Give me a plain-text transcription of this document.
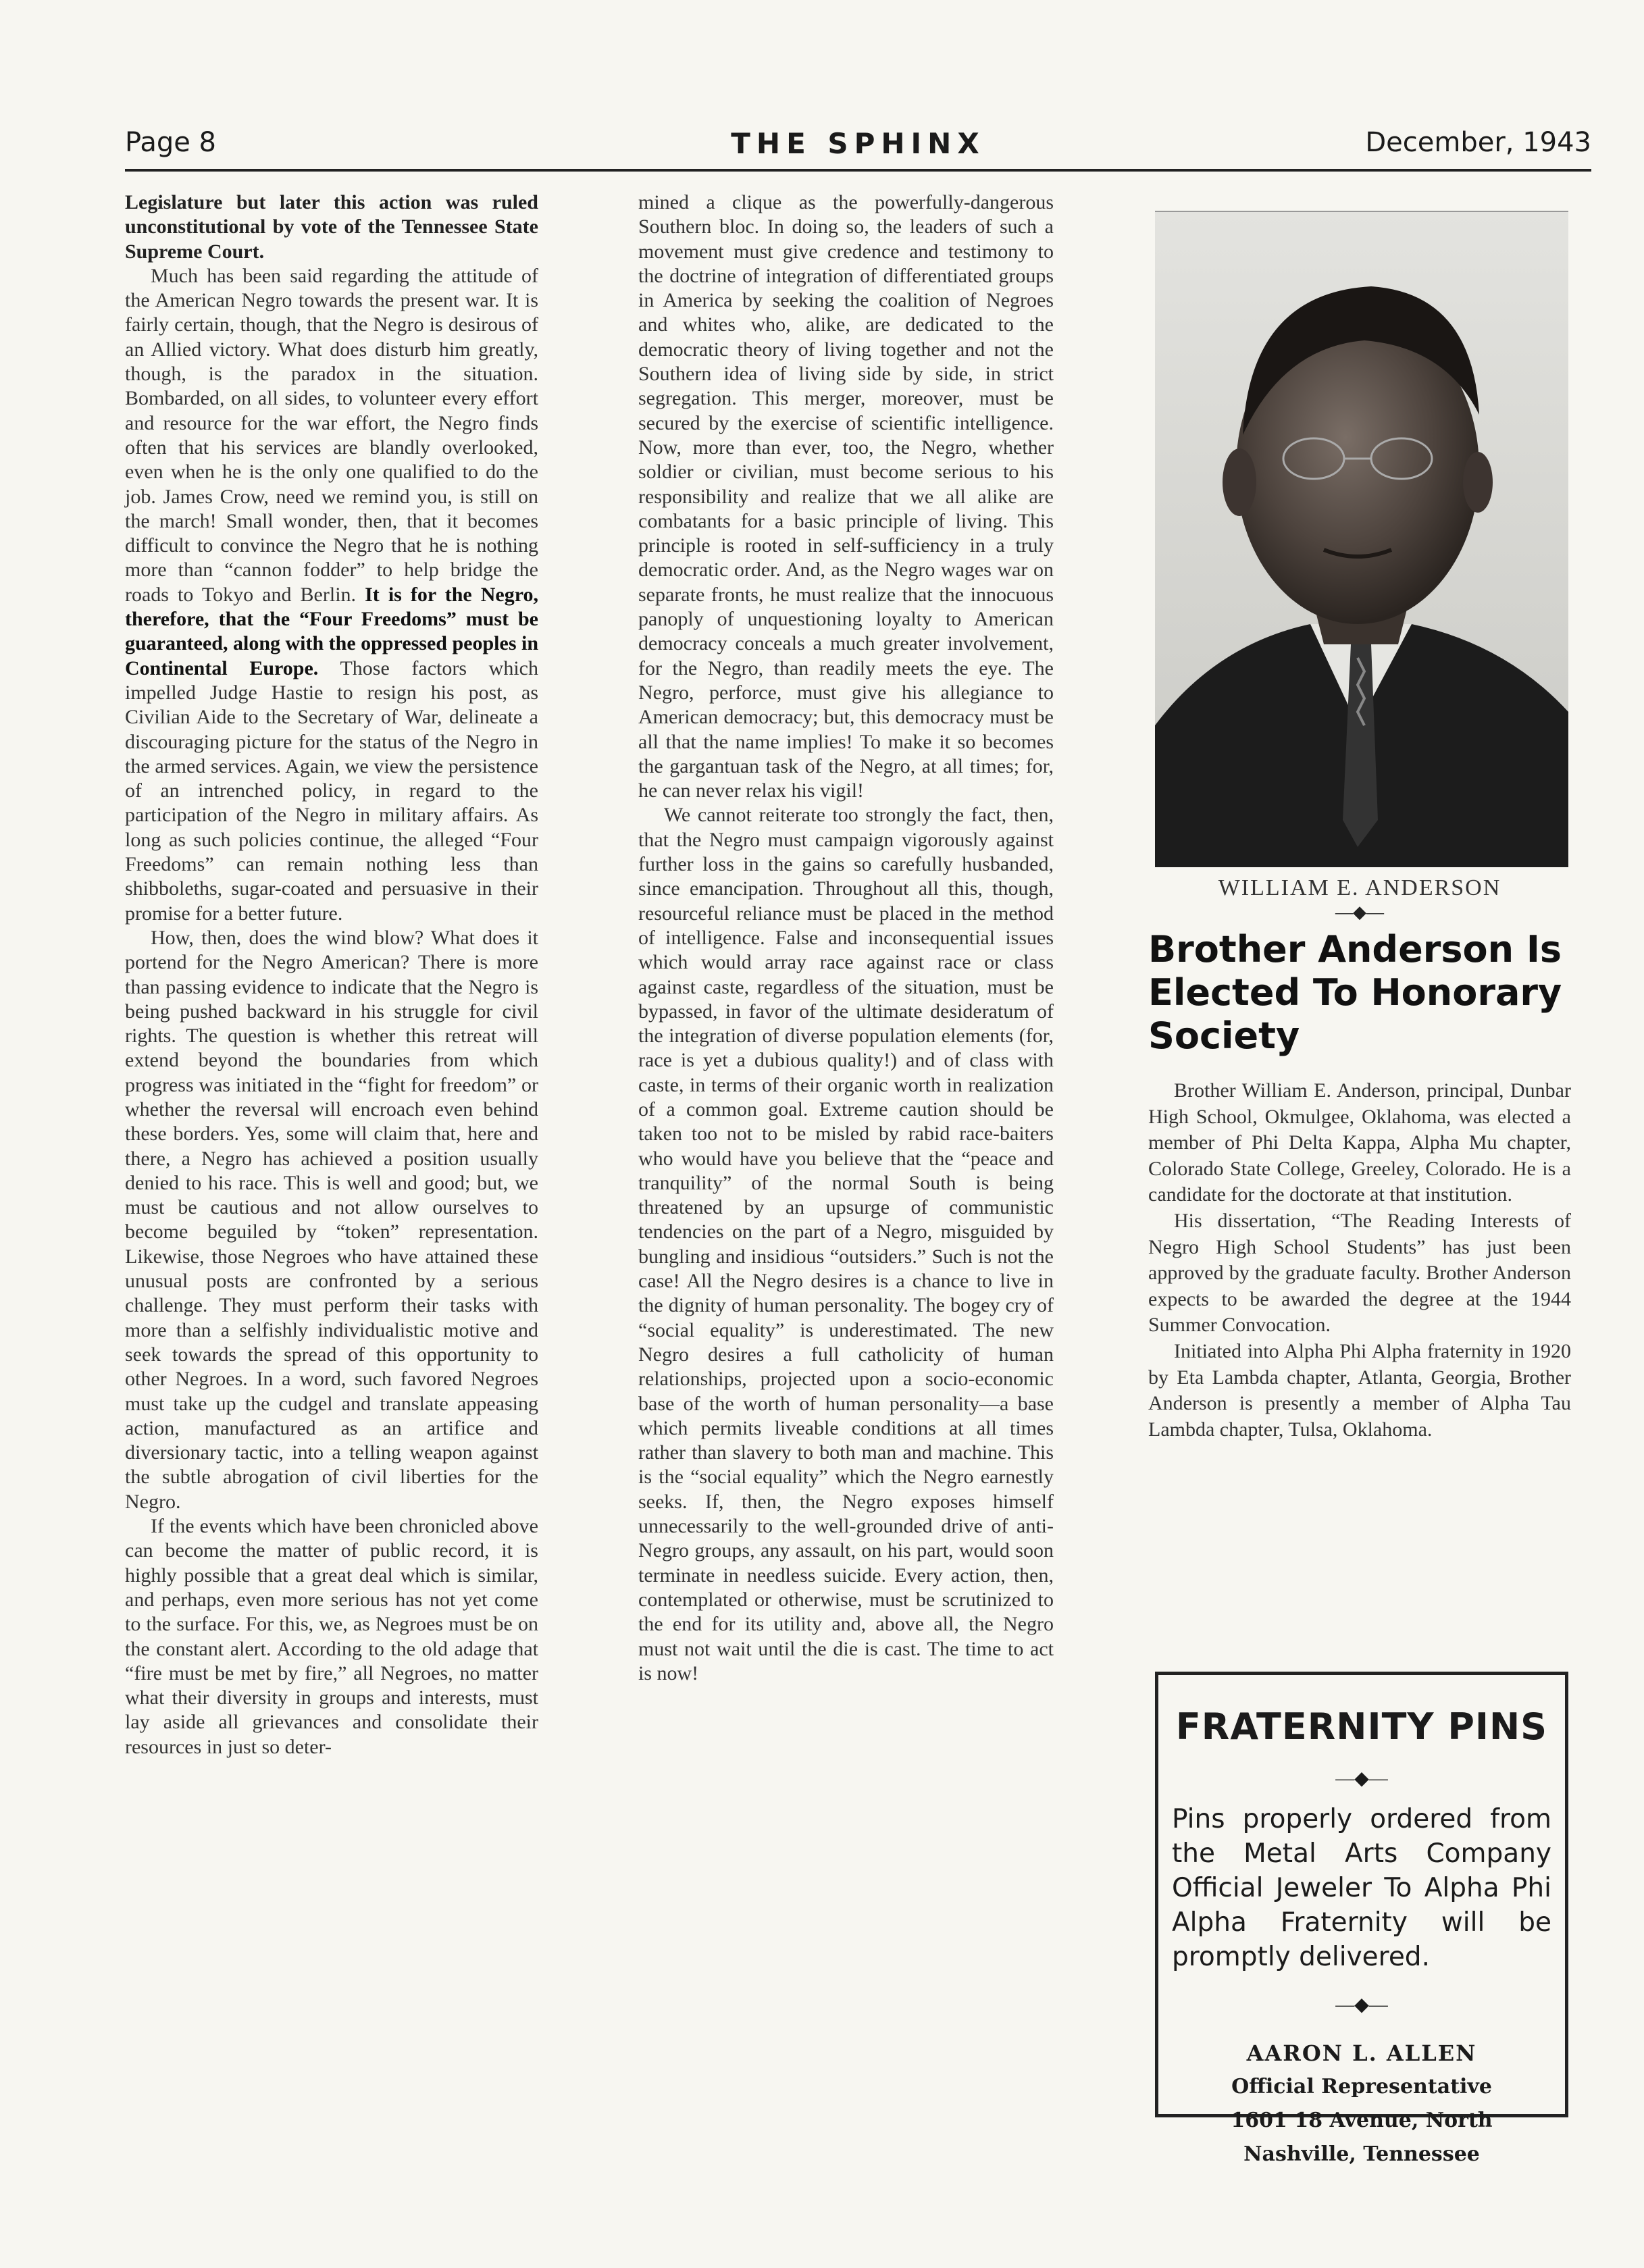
Page 8	THE SPHINX	December, 1943

Legislature but later this action was ruled unconstitutional by vote of the Tennessee State Supreme Court.

Much has been said regarding the attitude of the American Negro towards the present war. It is fairly certain, though, that the Negro is desirous of an Allied victory. What does disturb him greatly, though, is the paradox in the situation. Bombarded, on all sides, to volunteer every effort and resource for the war effort, the Negro finds often that his services are blandly overlooked, even when he is the only one qualified to do the job. James Crow, need we remind you, is still on the march! Small wonder, then, that it becomes difficult to convince the Negro that he is nothing more than “cannon fodder” to help bridge the roads to Tokyo and Berlin. It is for the Negro, therefore, that the “Four Freedoms” must be guaranteed, along with the oppressed peoples in Continental Europe. Those factors which impelled Judge Hastie to resign his post, as Civilian Aide to the Secretary of War, delineate a discouraging picture for the status of the Negro in the armed services. Again, we view the persistence of an intrenched policy, in regard to the participation of the Negro in military affairs. As long as such policies continue, the alleged “Four Freedoms” can remain nothing less than shibboleths, sugar-coated and persuasive in their promise for a better future.

How, then, does the wind blow? What does it portend for the Negro American? There is more than passing evidence to indicate that the Negro is being pushed backward in his struggle for civil rights. The question is whether this retreat will extend beyond the boundaries from which progress was initiated in the “fight for freedom” or whether the reversal will encroach even behind these borders. Yes, some will claim that, here and there, a Negro has achieved a position usually denied to his race. This is well and good; but, we must be cautious and not allow ourselves to become beguiled by “token” representation. Likewise, those Negroes who have attained these unusual posts are confronted by a serious challenge. They must perform their tasks with more than a selfishly individualistic motive and seek towards the spread of this opportunity to other Negroes. In a word, such favored Negroes must take up the cudgel and translate appeasing action, manufactured as an artifice and diversionary tactic, into a telling weapon against the subtle abrogation of civil liberties for the Negro.

If the events which have been chronicled above can become the matter of public record, it is highly possible that a great deal which is similar, and perhaps, even more serious has not yet come to the surface. For this, we, as Negroes must be on the constant alert. According to the old adage that “fire must be met by fire,” all Negroes, no matter what their diversity in groups and interests, must lay aside all grievances and consolidate their resources in just so deter-

mined a clique as the powerfully-dangerous Southern bloc. In doing so, the leaders of such a movement must give credence and testimony to the doctrine of integration of differentiated groups in America by seeking the coalition of Negroes and whites who, alike, are dedicated to the democratic theory of living together and not the Southern idea of living side by side, in strict segregation. This merger, moreover, must be secured by the exercise of scientific intelligence. Now, more than ever, too, the Negro, whether soldier or civilian, must become serious to his responsibility and realize that we all alike are combatants for a basic principle of living. This principle is rooted in self-sufficiency in a truly democratic order. And, as the Negro wages war on separate fronts, he must realize that the innocuous panoply of unquestioning loyalty to American democracy conceals a much greater involvement, for the Negro, than readily meets the eye. The Negro, perforce, must give his allegiance to American democracy; but, this democracy must be all that the name implies! To make it so becomes the gargantuan task of the Negro, at all times; for, he can never relax his vigil!

We cannot reiterate too strongly the fact, then, that the Negro must campaign vigorously against further loss in the gains so carefully husbanded, since emancipation. Throughout all this, though, resourceful reliance must be placed in the method of intelligence. False and inconsequential issues which would array race against race or class against caste, regardless of the situation, must be bypassed, in favor of the ultimate desideratum of the integration of diverse population elements (for, race is yet a dubious quality!) and of class with caste, in terms of their organic worth in realization of a common goal. Extreme caution should be taken too not to be misled by rabid race-baiters who would have you believe that the “peace and tranquility” of the normal South is being threatened by an upsurge of communistic tendencies on the part of a Negro, misguided by bungling and insidious “outsiders.” Such is not the case! All the Negro desires is a chance to live in the dignity of human personality. The bogey cry of “social equality” is underestimated. The new Negro desires a full catholicity of human relationships, projected upon a socio-economic base of the worth of human personality—a base which permits liveable conditions at all times rather than slavery to both man and machine. This is the “social equality” which the Negro earnestly seeks. If, then, the Negro exposes himself unnecessarily to the well-grounded drive of anti-Negro groups, any assault, on his part, would soon terminate in needless suicide. Every action, then, contemplated or otherwise, must be scrutinized to the end for its utility and, above all, the Negro must not wait until the die is cast. The time to act is now!

WILLIAM E. ANDERSON
—◆—
Brother Anderson Is Elected To Honorary Society

Brother William E. Anderson, principal, Dunbar High School, Okmulgee, Oklahoma, was elected a member of Phi Delta Kappa, Alpha Mu chapter, Colorado State College, Greeley, Colorado. He is a candidate for the doctorate at that institution.

His dissertation, “The Reading Interests of Negro High School Students” has just been approved by the graduate faculty. Brother Anderson expects to be awarded the degree at the 1944 Summer Convocation.

Initiated into Alpha Phi Alpha fraternity in 1920 by Eta Lambda chapter, Atlanta, Georgia, Brother Anderson is presently a member of Alpha Tau Lambda chapter, Tulsa, Oklahoma.

FRATERNITY PINS
—◆—
Pins properly ordered from the Metal Arts Company Official Jeweler To Alpha Phi Alpha Fraternity will be promptly delivered.
—◆—
AARON L. ALLEN
Official Representative
1601 18 Avenue, North
Nashville, Tennessee
